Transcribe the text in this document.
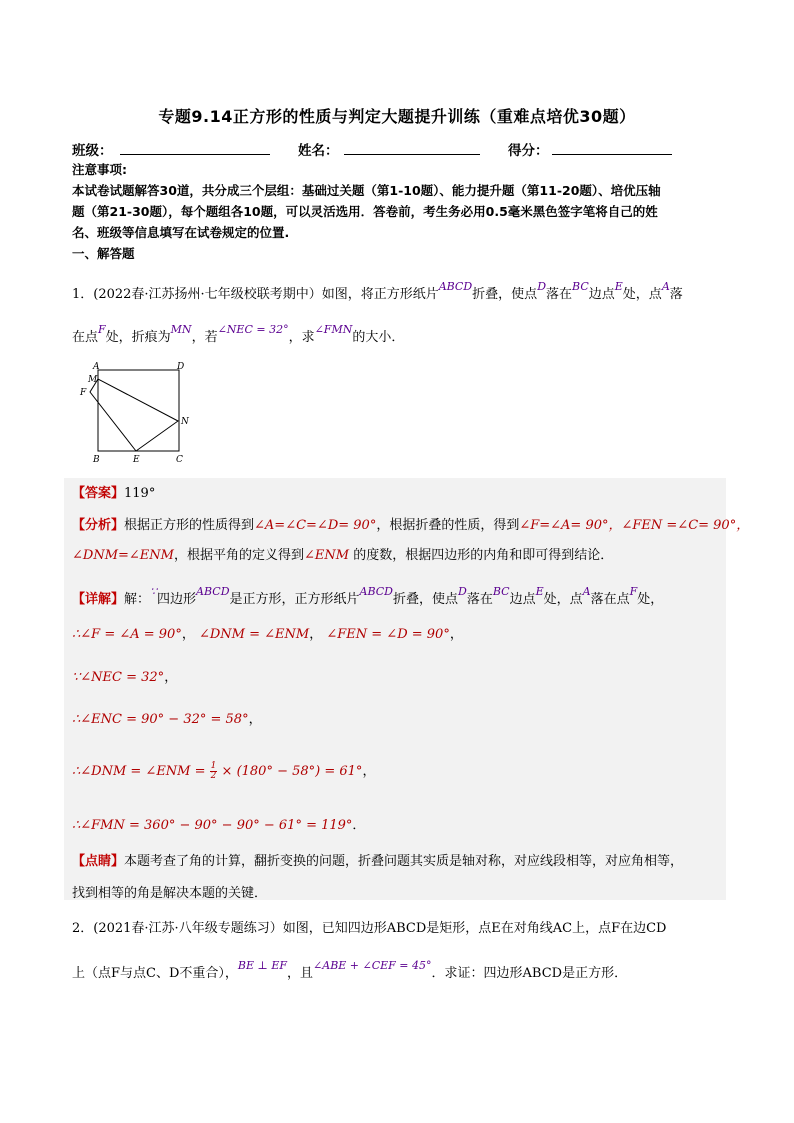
专题9.14正方形的性质与判定大题提升训练（重难点培优30题）
班级：	姓名：	得分：
注意事项:
本试卷试题解答30道，共分成三个层组：基础过关题（第1-10题）、能力提升题（第11-20题）、培优压轴
题（第21-30题），每个题组各10题，可以灵活选用．答卷前，考生务必用0.5毫米黑色签字笔将自己的姓
名、班级等信息填写在试卷规定的位置.
一、解答题
1．(2022春·江苏扬州·七年级校联考期中）如图，将正方形纸片$^{ABCD}$折叠，使点$^D$落在$^{BC}$边点$^E$处，点$^A$落
在点$^F$处，折痕为$^{MN}$，若$^{\angle NEC = 32^\circ}$，求$^{\angle FMN}$的大小．
A	D
M
F
N
B	E	C
【答案】119°
【分析】根据正方形的性质得到∠A=∠C=∠D= 90°，根据折叠的性质，得到∠F=∠A= 90°，∠FEN =∠C= 90°，
∠DNM=∠ENM，根据平角的定义得到∠ENM 的度数，根据四边形的内角和即可得到结论．
【详解】解：∵四边形$^{ABCD}$是正方形，正方形纸片$^{ABCD}$折叠，使点$^D$落在$^{BC}$边点$^E$处，点$^A$落在点$^F$处，
∴∠F = ∠A = 90°， ∠DNM = ∠ENM， ∠FEN = ∠D = 90°，
∵∠NEC = 32°，
∴∠ENC = 90° − 32° = 58°，
∴∠DNM = ∠ENM = $\frac{1}{2} \times (180^\circ - 58^\circ) = 61^\circ$，
∴∠FMN = 360° − 90° − 90° − 61° = 119°．
【点睛】本题考查了角的计算，翻折变换的问题，折叠问题其实质是轴对称，对应线段相等，对应角相等，
找到相等的角是解决本题的关键．
2．(2021春·江苏·八年级专题练习）如图，已知四边形ABCD是矩形，点E在对角线AC上，点F在边CD
上（点F与点C、D不重合），$^{BE \perp EF}$，且$^{\angle ABE + \angle CEF = 45^\circ}$．求证：四边形ABCD是正方形．
